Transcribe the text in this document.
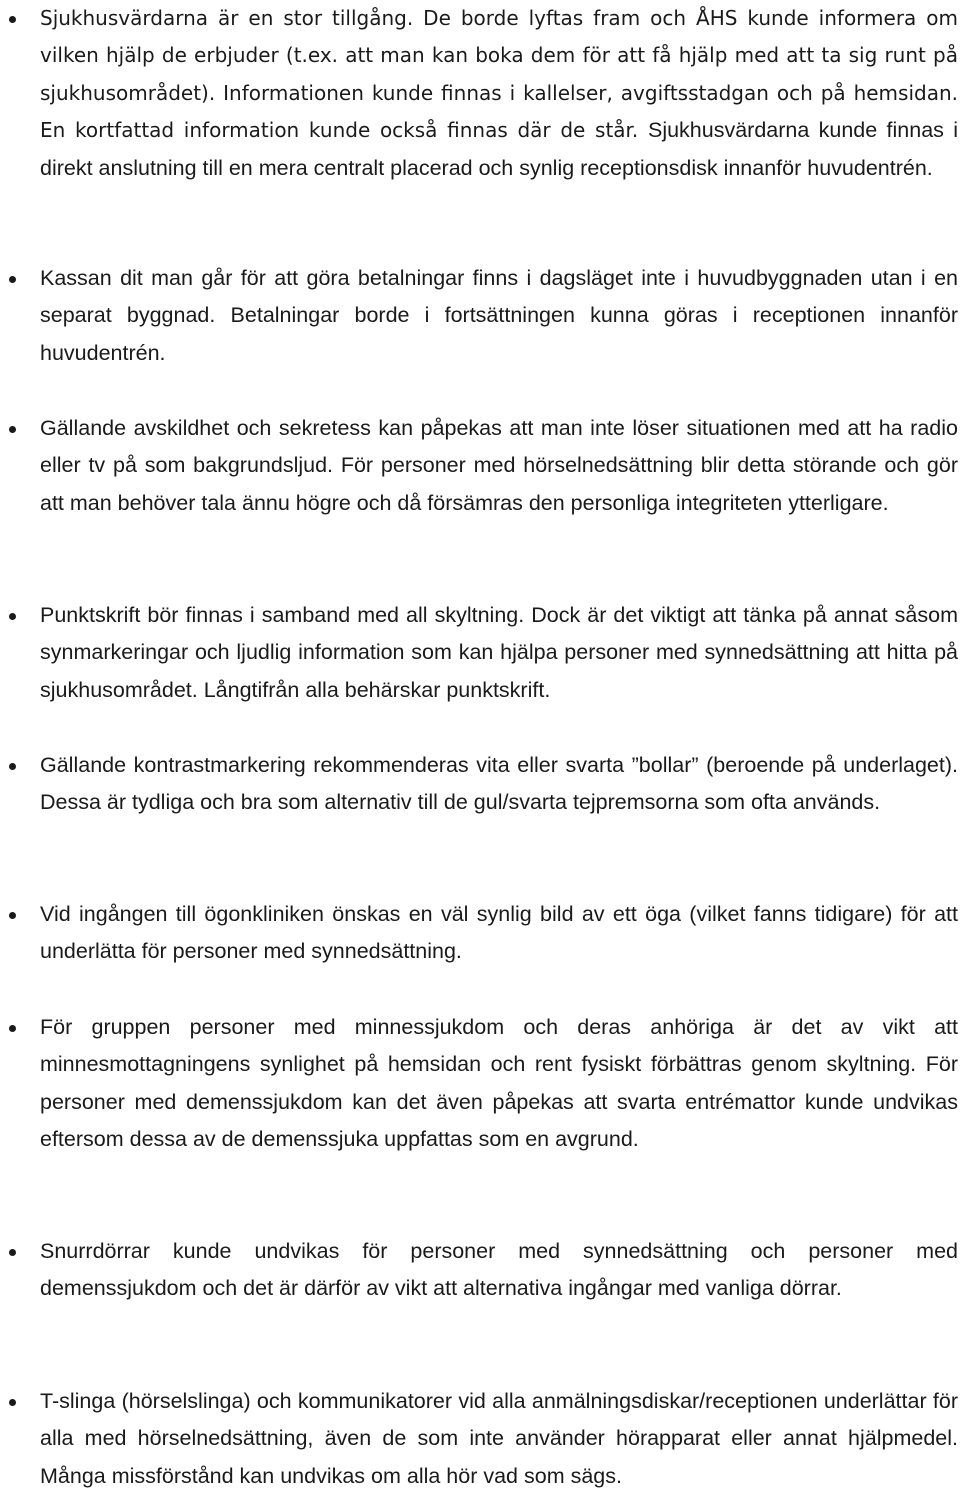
Sjukhusvärdarna är en stor tillgång. De borde lyftas fram och ÅHS kunde informera om vilken hjälp de erbjuder (t.ex. att man kan boka dem för att få hjälp med att ta sig runt på sjukhusområdet). Informationen kunde finnas i kallelser, avgiftsstadgan och på hemsidan. En kortfattad information kunde också finnas där de står. Sjukhusvärdarna kunde finnas i direkt anslutning till en mera centralt placerad och synlig receptionsdisk innanför huvudentrén.
Kassan dit man går för att göra betalningar finns i dagsläget inte i huvudbyggnaden utan i en separat byggnad. Betalningar borde i fortsättningen kunna göras i receptionen innanför huvudentrén.
Gällande avskildhet och sekretess kan påpekas att man inte löser situationen med att ha radio eller tv på som bakgrundsljud. För personer med hörselnedsättning blir detta störande och gör att man behöver tala ännu högre och då försämras den personliga integriteten ytterligare.
Punktskrift bör finnas i samband med all skyltning. Dock är det viktigt att tänka på annat såsom synmarkeringar och ljudlig information som kan hjälpa personer med synnedsättning att hitta på sjukhusområdet. Långtifrån alla behärskar punktskrift.
Gällande kontrastmarkering rekommenderas vita eller svarta ”bollar” (beroende på underlaget). Dessa är tydliga och bra som alternativ till de gul/svarta tejpremsorna som ofta används.
Vid ingången till ögonkliniken önskas en väl synlig bild av ett öga (vilket fanns tidigare) för att underlätta för personer med synnedsättning.
För gruppen personer med minnessjukdom och deras anhöriga är det av vikt att minnesmottagningens synlighet på hemsidan och rent fysiskt förbättras genom skyltning. För personer med demenssjukdom kan det även påpekas att svarta entrémattor kunde undvikas eftersom dessa av de demenssjuka uppfattas som en avgrund.
Snurrdörrar kunde undvikas för personer med synnedsättning och personer med demenssjukdom och det är därför av vikt att alternativa ingångar med vanliga dörrar.
T-slinga (hörselslinga) och kommunikatorer vid alla anmälningsdiskar/receptionen underlättar för alla med hörselnedsättning, även de som inte använder hörapparat eller annat hjälpmedel. Många missförstånd kan undvikas om alla hör vad som sägs.
